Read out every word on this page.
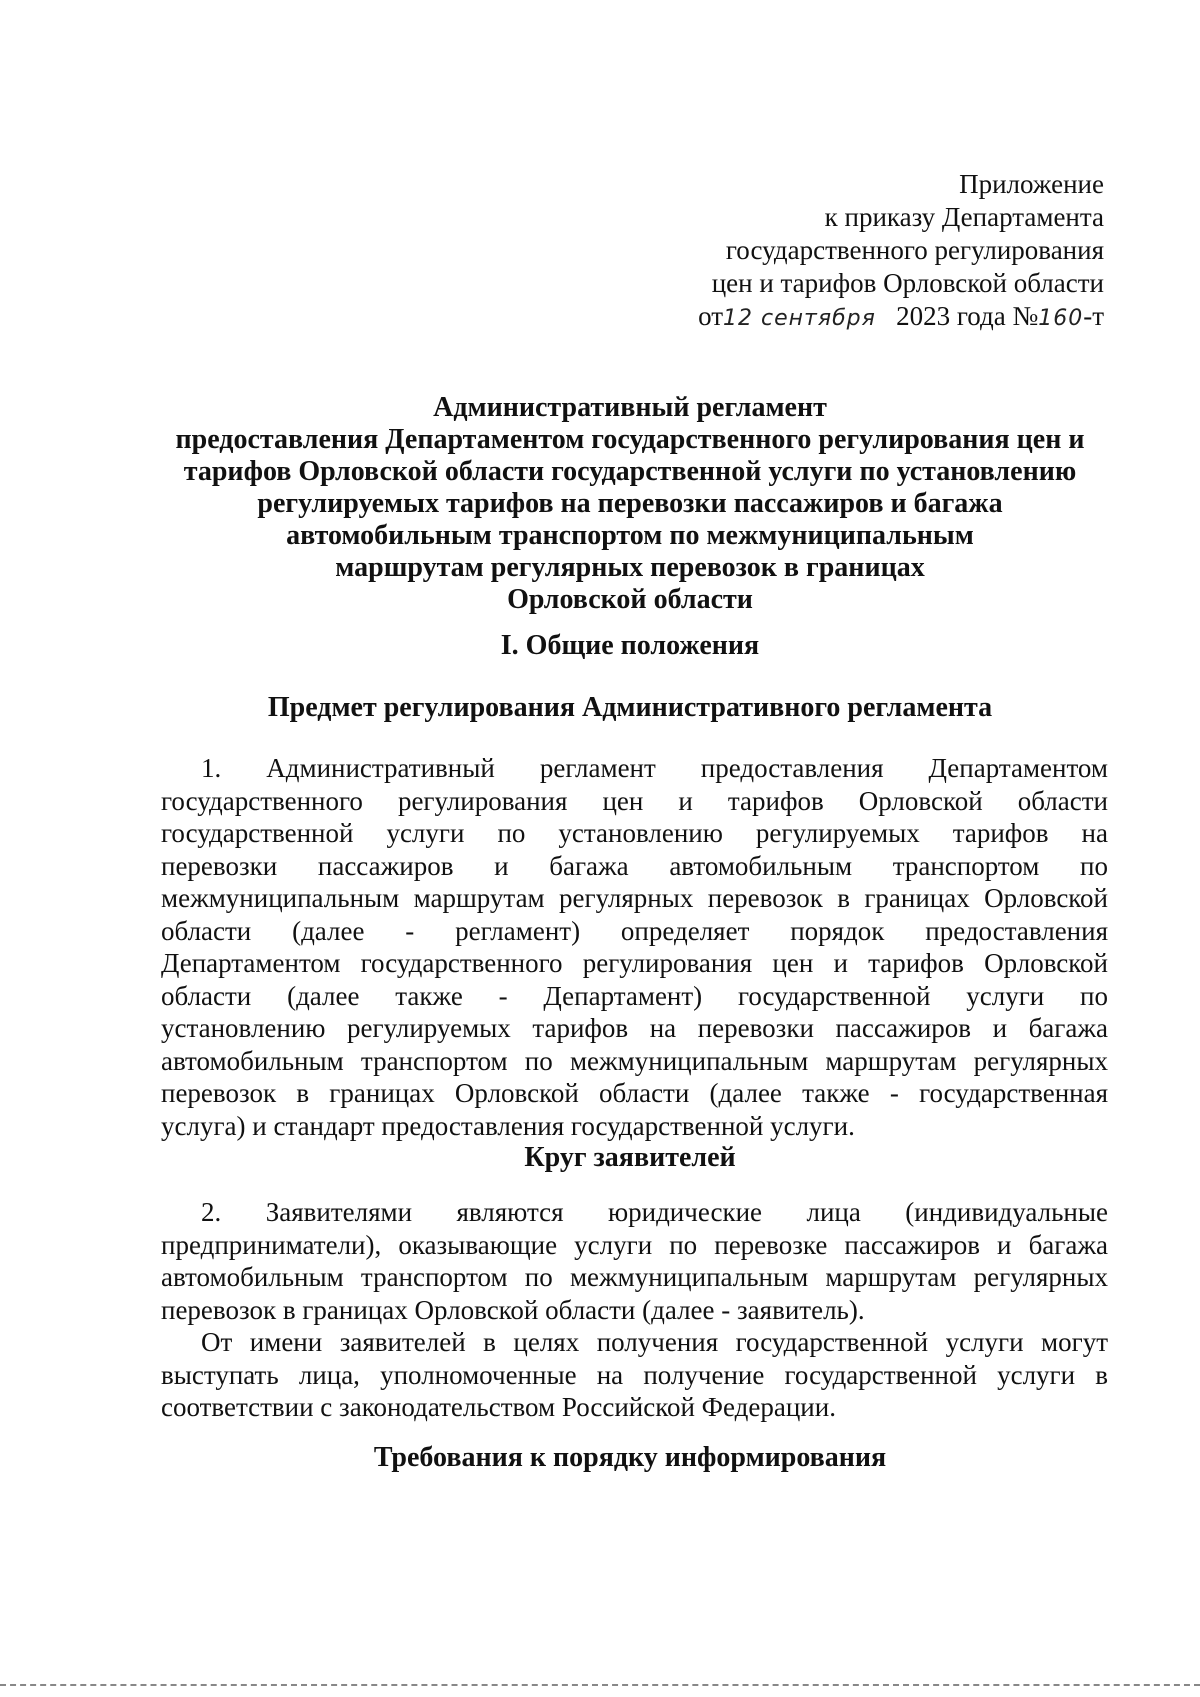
Приложение
к приказу Департамента
государственного регулирования
цен и тарифов Орловской области
от12 сентября 2023 года №160-т
Административный регламент
предоставления Департаментом государственного регулирования цен и
тарифов Орловской области государственной услуги по установлению
регулируемых тарифов на перевозки пассажиров и багажа
автомобильным транспортом по межмуниципальным
маршрутам регулярных перевозок в границах
Орловской области
I. Общие положения
Предмет регулирования Административного регламента
1. Административный регламент предоставления Департаментом
государственного регулирования цен и тарифов Орловской области
государственной услуги по установлению регулируемых тарифов на
перевозки пассажиров и багажа автомобильным транспортом по
межмуниципальным маршрутам регулярных перевозок в границах Орловской
области (далее - регламент) определяет порядок предоставления
Департаментом государственного регулирования цен и тарифов Орловской
области (далее также - Департамент) государственной услуги по
установлению регулируемых тарифов на перевозки пассажиров и багажа
автомобильным транспортом по межмуниципальным маршрутам регулярных
перевозок в границах Орловской области (далее также - государственная
услуга) и стандарт предоставления государственной услуги.
Круг заявителей
2. Заявителями являются юридические лица (индивидуальные
предприниматели), оказывающие услуги по перевозке пассажиров и багажа
автомобильным транспортом по межмуниципальным маршрутам регулярных
перевозок в границах Орловской области (далее - заявитель).
От имени заявителей в целях получения государственной услуги могут
выступать лица, уполномоченные на получение государственной услуги в
соответствии с законодательством Российской Федерации.
Требования к порядку информирования
